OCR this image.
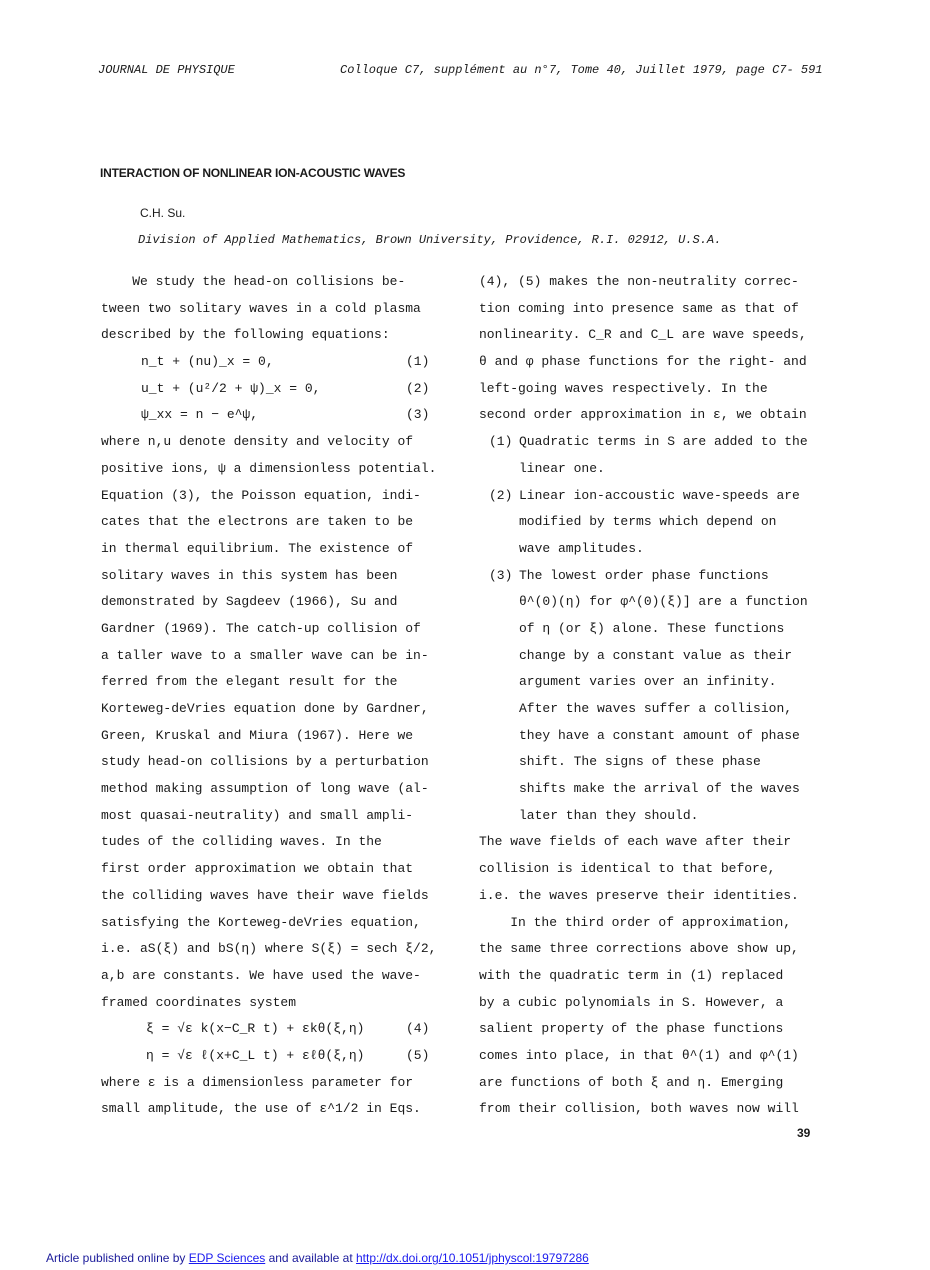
JOURNAL DE PHYSIQUE	Colloque C7, supplément au n°7, Tome 40, Juillet 1979, page C7- 591
INTERACTION OF NONLINEAR ION-ACOUSTIC WAVES
C.H. Su.
Division of Applied Mathematics, Brown University, Providence, R.I. 02912, U.S.A.
We study the head-on collisions be-
tween two solitary waves in a cold plasma
described by the following equations:
n_t + (nu)_x = 0,	(1)
u_t + (u²/2 + ψ)_x = 0,	(2)
ψ_xx = n − e^ψ,	(3)
where n,u denote density and velocity of
positive ions, ψ a dimensionless potential.
Equation (3), the Poisson equation, indi-
cates that the electrons are taken to be
in thermal equilibrium. The existence of
solitary waves in this system has been
demonstrated by Sagdeev (1966), Su and
Gardner (1969). The catch-up collision of
a taller wave to a smaller wave can be in-
ferred from the elegant result for the
Korteweg-deVries equation done by Gardner,
Green, Kruskal and Miura (1967). Here we
study head-on collisions by a perturbation
method making assumption of long wave (al-
most quasai-neutrality) and small ampli-
tudes of the colliding waves. In the
first order approximation we obtain that
the colliding waves have their wave fields
satisfying the Korteweg-deVries equation,
i.e. aS(ξ) and bS(η) where S(ξ) = sech ξ/2,
a,b are constants. We have used the wave-
framed coordinates system
ξ = √ε k(x−C_R t) + εkθ(ξ,η)	(4)
η = √ε ℓ(x+C_L t) + εℓθ(ξ,η)	(5)
where ε is a dimensionless parameter for
small amplitude, the use of ε^1/2 in Eqs.
(4), (5) makes the non-neutrality correc-
tion coming into presence same as that of
nonlinearity. C_R and C_L are wave speeds,
θ and φ phase functions for the right- and
left-going waves respectively. In the
second order approximation in ε, we obtain
(1) Quadratic terms in S are added to the
linear one.
(2) Linear ion-accoustic wave-speeds are
modified by terms which depend on
wave amplitudes.
(3) The lowest order phase functions
θ^(0)(η) for φ^(0)(ξ)] are a function
of η (or ξ) alone. These functions
change by a constant value as their
argument varies over an infinity.
After the waves suffer a collision,
they have a constant amount of phase
shift. The signs of these phase
shifts make the arrival of the waves
later than they should.
The wave fields of each wave after their
collision is identical to that before,
i.e. the waves preserve their identities.
In the third order of approximation,
the same three corrections above show up,
with the quadratic term in (1) replaced
by a cubic polynomials in S. However, a
salient property of the phase functions
comes into place, in that θ^(1) and φ^(1)
are functions of both ξ and η. Emerging
from their collision, both waves now will
39
Article published online by EDP Sciences and available at http://dx.doi.org/10.1051/jphyscol:19797286
